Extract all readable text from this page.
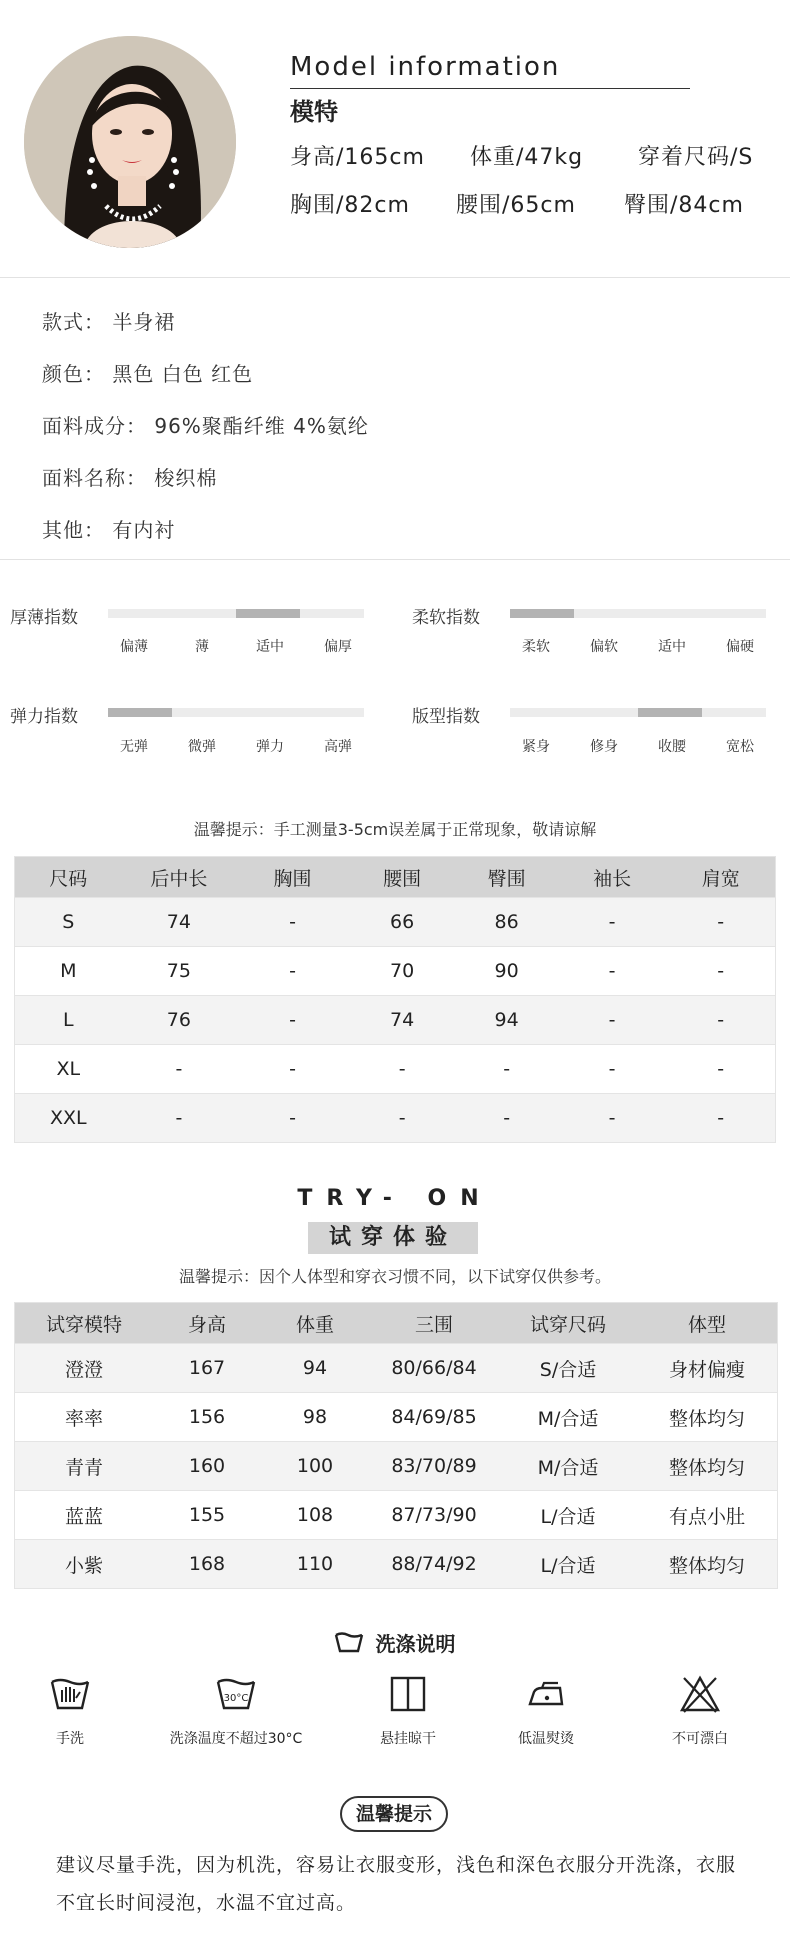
Model information
模特
身高/165cm 体重/47kg 穿着尺码/S
胸围/82cm 腰围/65cm 臀围/84cm
款式： 半身裙
颜色： 黑色 白色 红色
面料成分： 96%聚酯纤维 4%氨纶
面料名称： 梭织棉
其他： 有内衬
厚薄指数
偏薄	薄	适中	偏厚
柔软指数
柔软	偏软	适中	偏硬
弹力指数
无弹	微弹	弹力	高弹
版型指数
紧身	修身	收腰	宽松
温馨提示：手工测量3-5cm误差属于正常现象，敬请谅解
尺码	后中长	胸围	腰围	臀围	袖长	肩宽
S	74	-	66	86	-	-
M	75	-	70	90	-	-
L	76	-	74	94	-	-
XL	-	-	-	-	-	-
XXL	-	-	-	-	-	-
TRY- ON
试穿体验
温馨提示：因个人体型和穿衣习惯不同，以下试穿仅供参考。
试穿模特	身高	体重	三围	试穿尺码	体型
澄澄	167	94	80/66/84	S/合适	身材偏瘦
率率	156	98	84/69/85	M/合适	整体均匀
青青	160	100	83/70/89	M/合适	整体均匀
蓝蓝	155	108	87/73/90	L/合适	有点小肚
小紫	168	110	88/74/92	L/合适	整体均匀
洗涤说明
手洗
30°C
洗涤温度不超过30°C	悬挂晾干	低温熨烫	不可漂白
温馨提示
建议尽量手洗，因为机洗，容易让衣服变形，浅色和深色衣服分开洗涤，衣服不宜长时间浸泡，水温不宜过高。
